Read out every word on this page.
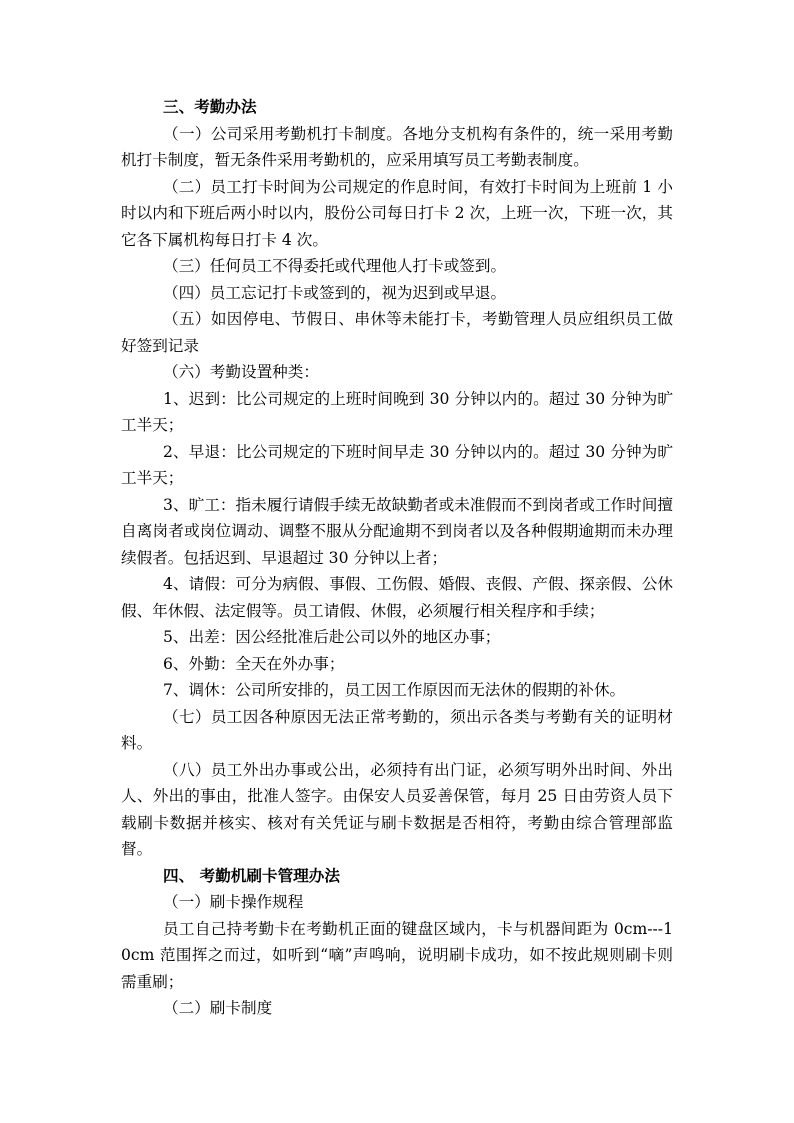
三、考勤办法

（一）公司采用考勤机打卡制度。各地分支机构有条件的，统一采用考勤机打卡制度，暂无条件采用考勤机的，应采用填写员工考勤表制度。

（二）员工打卡时间为公司规定的作息时间，有效打卡时间为上班前 1 小时以内和下班后两小时以内，股份公司每日打卡 2 次，上班一次，下班一次，其它各下属机构每日打卡 4 次。

（三）任何员工不得委托或代理他人打卡或签到。

（四）员工忘记打卡或签到的，视为迟到或早退。

（五）如因停电、节假日、串休等未能打卡，考勤管理人员应组织员工做好签到记录

（六）考勤设置种类：

1、迟到：比公司规定的上班时间晚到 30 分钟以内的。超过 30 分钟为旷工半天；

2、早退：比公司规定的下班时间早走 30 分钟以内的。超过 30 分钟为旷工半天；

3、旷工：指未履行请假手续无故缺勤者或未准假而不到岗者或工作时间擅自离岗者或岗位调动、调整不服从分配逾期不到岗者以及各种假期逾期而未办理续假者。包括迟到、早退超过 30 分钟以上者；

4、请假：可分为病假、事假、工伤假、婚假、丧假、产假、探亲假、公休假、年休假、法定假等。员工请假、休假，必须履行相关程序和手续；

5、出差：因公经批准后赴公司以外的地区办事；

6、外勤：全天在外办事；

7、调休：公司所安排的，员工因工作原因而无法休的假期的补休。

（七）员工因各种原因无法正常考勤的，须出示各类与考勤有关的证明材料。

（八）员工外出办事或公出，必须持有出门证，必须写明外出时间、外出人、外出的事由，批准人签字。由保安人员妥善保管，每月 25 日由劳资人员下载刷卡数据并核实、核对有关凭证与刷卡数据是否相符，考勤由综合管理部监督。

四、 考勤机刷卡管理办法

（一）刷卡操作规程

员工自己持考勤卡在考勤机正面的键盘区域内，卡与机器间距为 0cm---10cm 范围挥之而过，如听到“嘀”声鸣响，说明刷卡成功，如不按此规则刷卡则需重刷；

（二）刷卡制度
